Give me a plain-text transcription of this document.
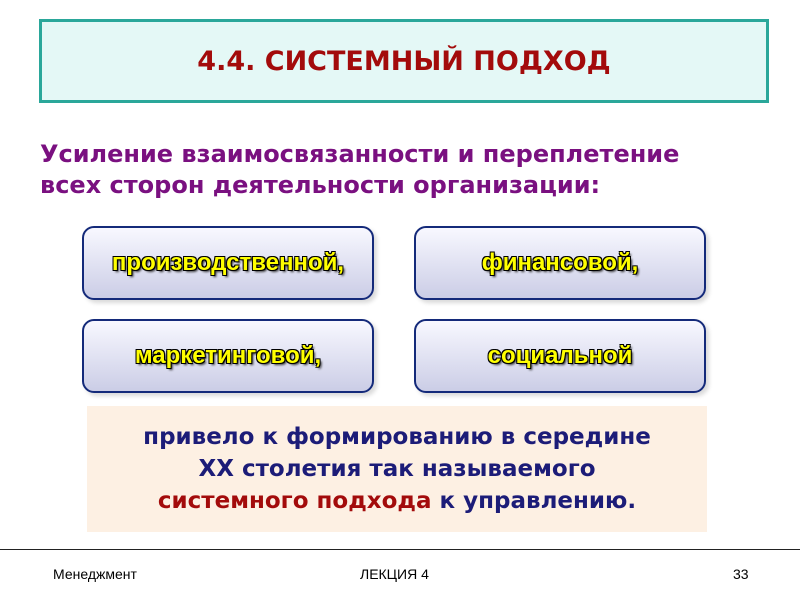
4.4. СИСТЕМНЫЙ ПОДХОД
Усиление взаимосвязанности и переплетение
всех сторон деятельности организации:
производственной,	финансовой,
маркетинговой,	социальной
привело к формированию в середине
XX столетия так называемого
системного подхода к управлению.
Менеджмент	ЛЕКЦИЯ 4	33
